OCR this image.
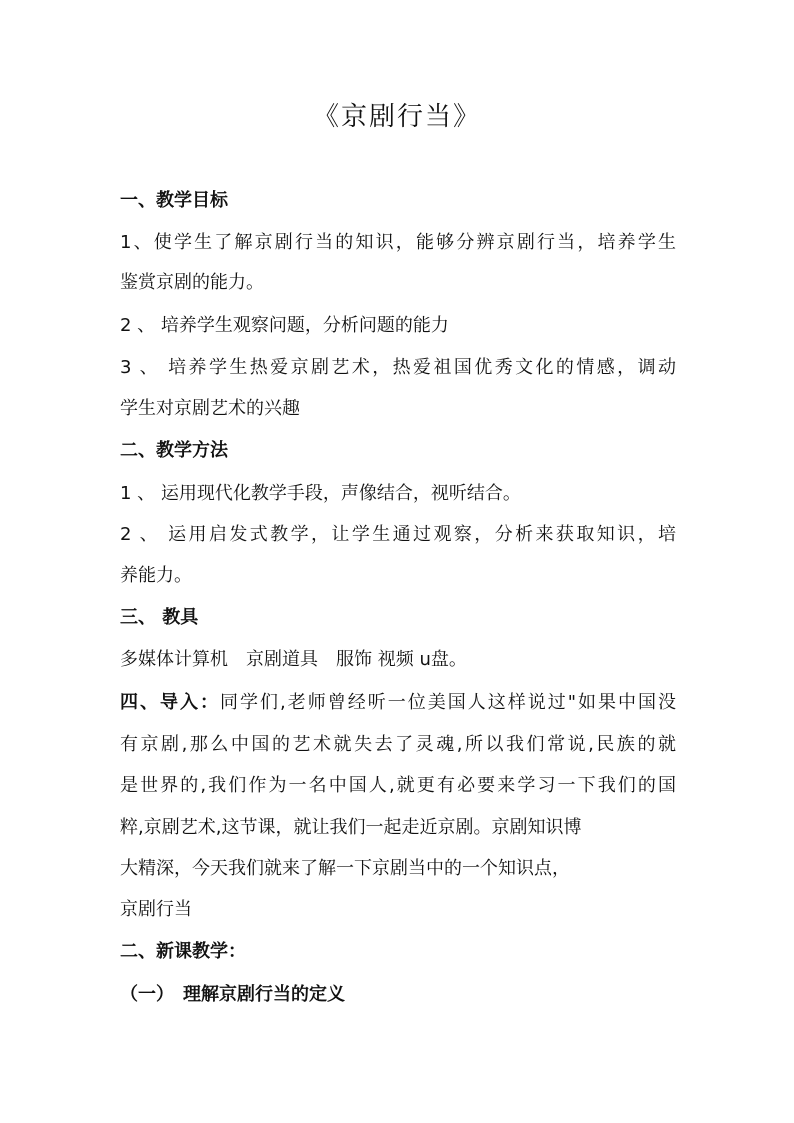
《京剧行当》
一、教学目标
1、使学生了解京剧行当的知识，能够分辨京剧行当，培养学生
鉴赏京剧的能力。
2 、 培养学生观察问题，分析问题的能力
3 、 培养学生热爱京剧艺术，热爱祖国优秀文化的情感，调动
学生对京剧艺术的兴趣
二、教学方法
1 、 运用现代化教学手段，声像结合，视听结合。
2 、 运用启发式教学，让学生通过观察，分析来获取知识，培
养能力。
三、 教具
多媒体计算机　京剧道具　服饰 视频 u盘。
四、导入：同学们,老师曾经听一位美国人这样说过"如果中国没
有京剧,那么中国的艺术就失去了灵魂,所以我们常说,民族的就
是世界的,我们作为一名中国人,就更有必要来学习一下我们的国
粹,京剧艺术,这节课，就让我们一起走近京剧。京剧知识博
大精深，今天我们就来了解一下京剧当中的一个知识点，
京剧行当
二、新课教学：
（一）　理解京剧行当的定义
